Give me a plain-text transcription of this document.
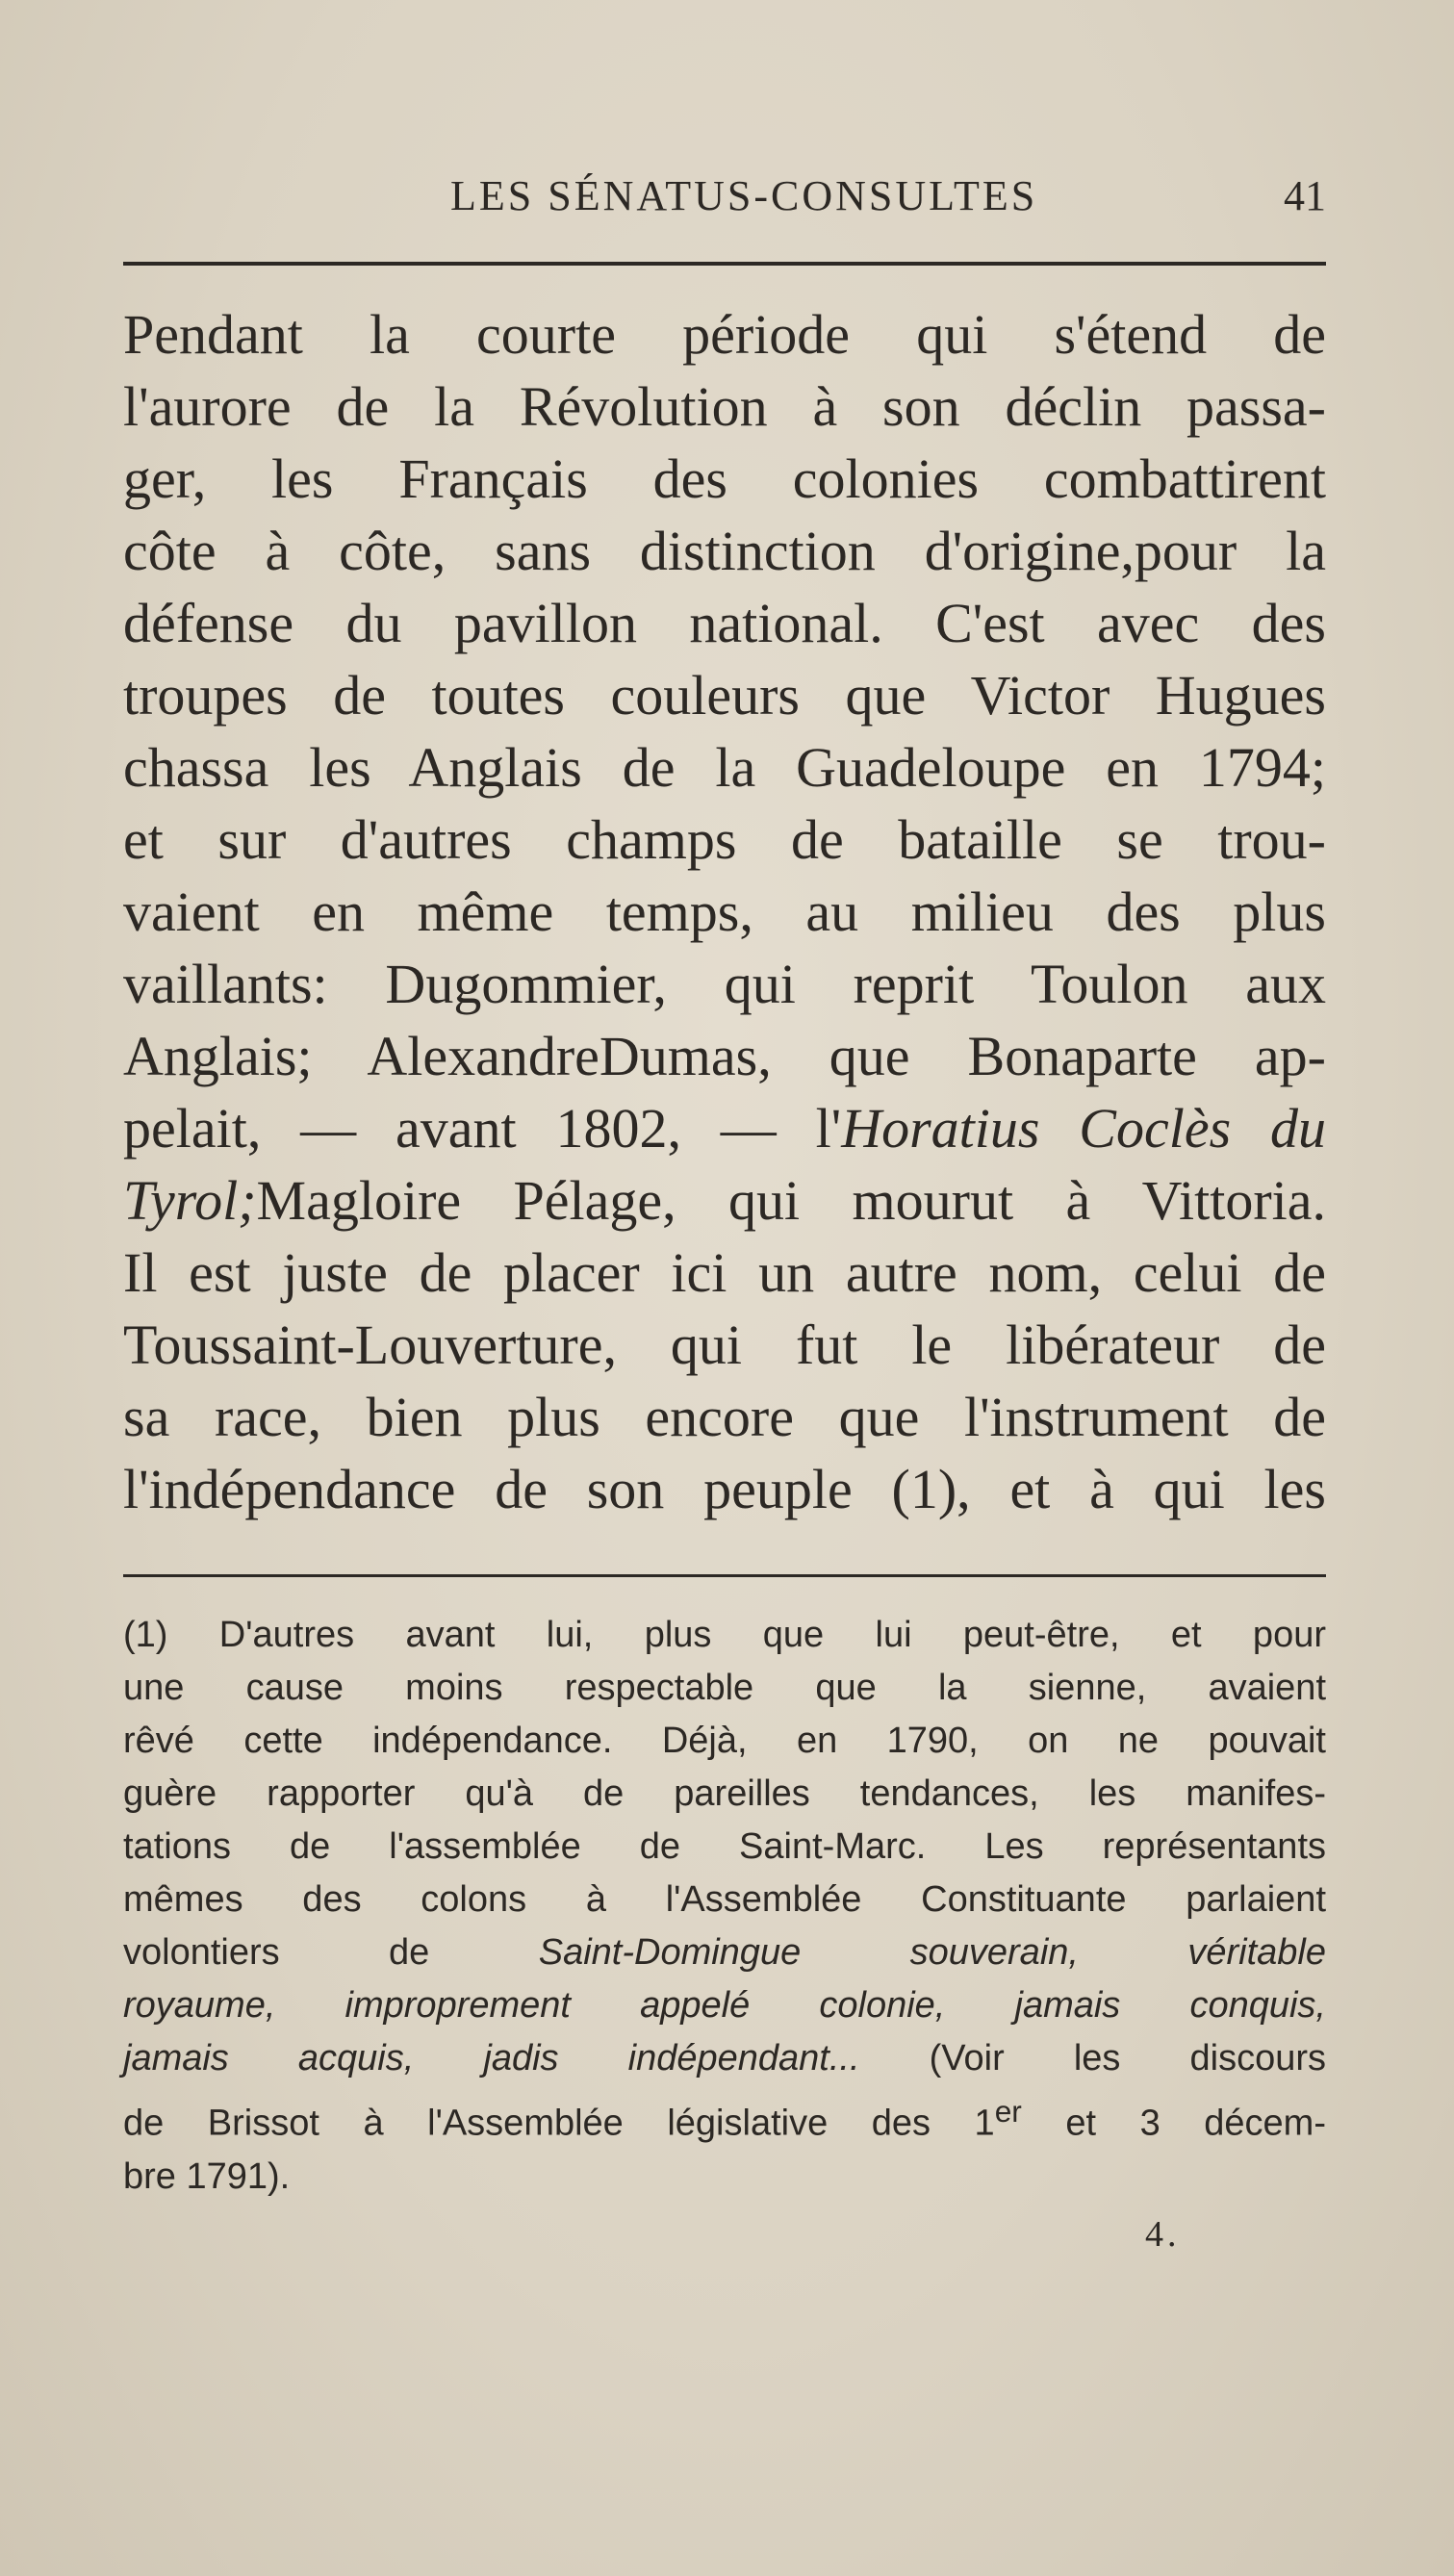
LES SÉNATUS-CONSULTES	41
Pendant la courte période qui s'étend de
l'aurore de la Révolution à son déclin passa-
ger, les Français des colonies combattirent
côte à côte, sans distinction d'origine,pour la
défense du pavillon national. C'est avec des
troupes de toutes couleurs que Victor Hugues
chassa les Anglais de la Guadeloupe en 1794;
et sur d'autres champs de bataille se trou-
vaient en même temps, au milieu des plus
vaillants: Dugommier, qui reprit Toulon aux
Anglais; AlexandreDumas, que Bonaparte ap-
pelait, — avant 1802, — l'Horatius Coclès du
Tyrol;Magloire Pélage, qui mourut à Vittoria.
Il est juste de placer ici un autre nom, celui de
Toussaint-Louverture, qui fut le libérateur de
sa race, bien plus encore que l'instrument de
l'indépendance de son peuple (1), et à qui les
(1) D'autres avant lui, plus que lui peut-être, et pour
une cause moins respectable que la sienne, avaient
rêvé cette indépendance. Déjà, en 1790, on ne pouvait
guère rapporter qu'à de pareilles tendances, les manifes-
tations de l'assemblée de Saint-Marc. Les représentants
mêmes des colons à l'Assemblée Constituante parlaient
volontiers de Saint-Domingue souverain, véritable
royaume, improprement appelé colonie, jamais conquis,
jamais acquis, jadis indépendant... (Voir les discours
de Brissot à l'Assemblée législative des 1er et 3 décem-
bre 1791).
4.
